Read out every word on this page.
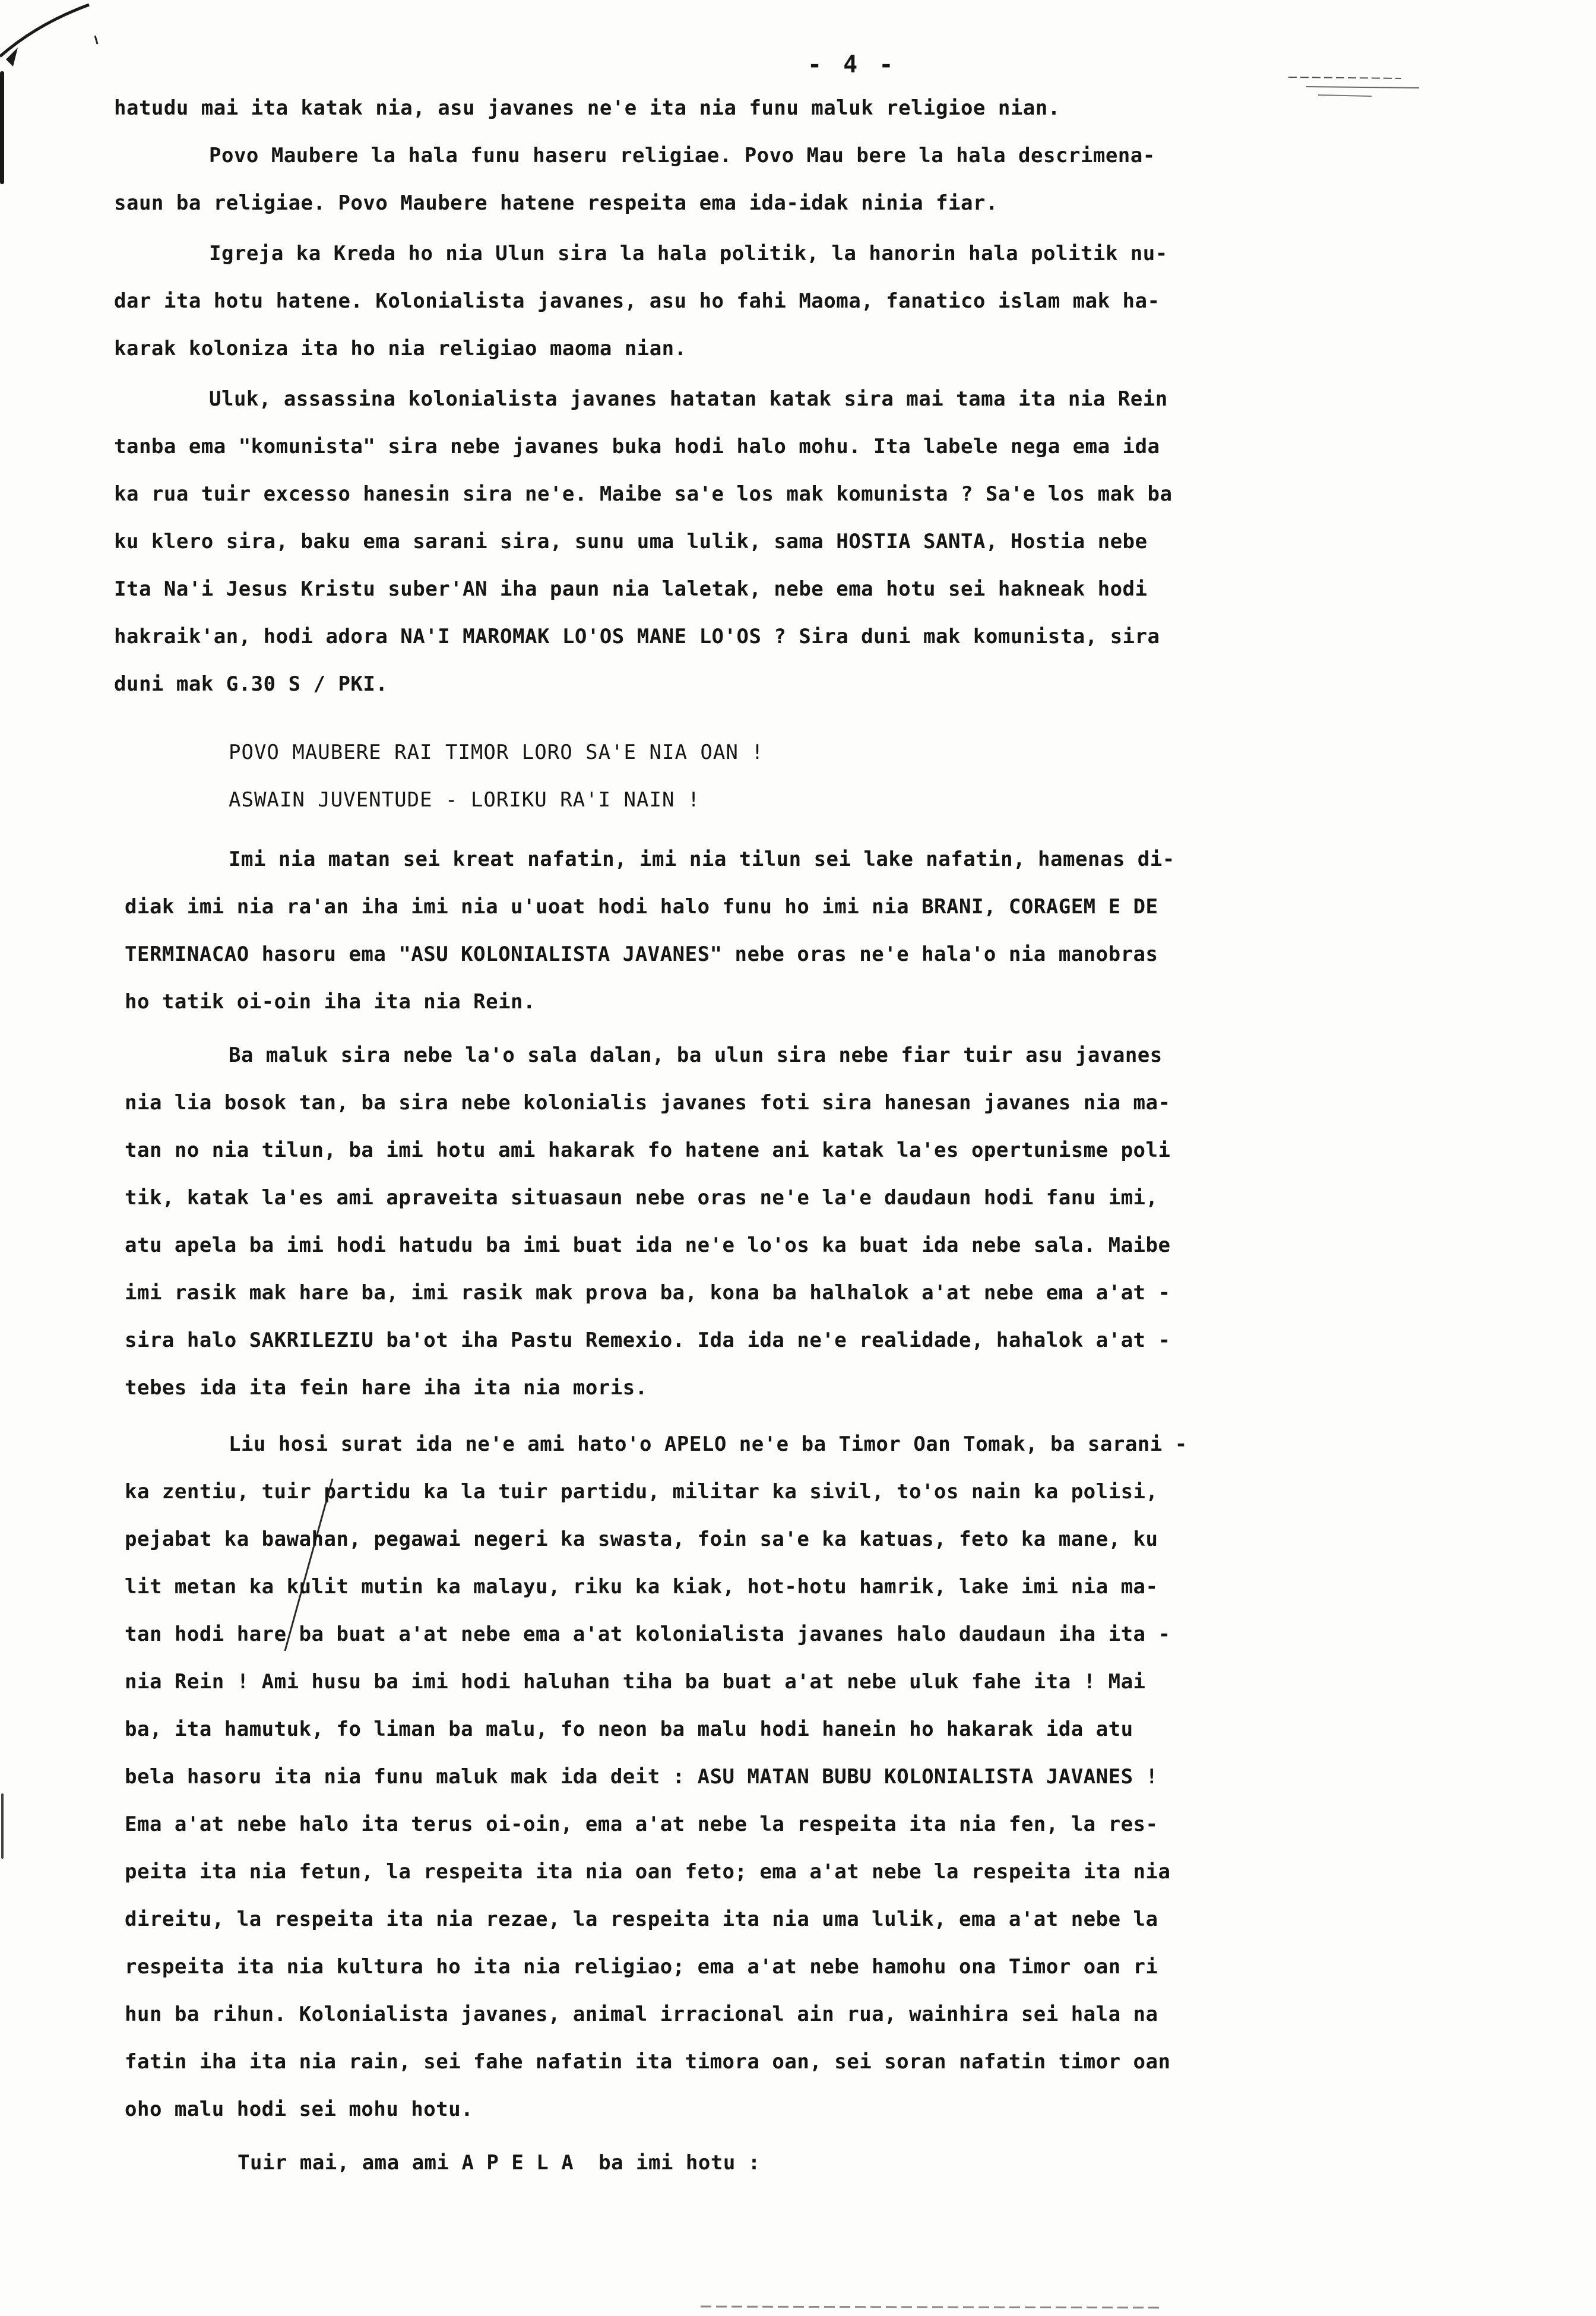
- 4 -
hatudu mai ita katak nia, asu javanes ne'e ita nia funu maluk religioe nian.
Povo Maubere la hala funu haseru religiae. Povo Mau bere la hala descrimena-
saun ba religiae. Povo Maubere hatene respeita ema ida-idak ninia fiar.
Igreja ka Kreda ho nia Ulun sira la hala politik, la hanorin hala politik nu-
dar ita hotu hatene. Kolonialista javanes, asu ho fahi Maoma, fanatico islam mak ha-
karak koloniza ita ho nia religiao maoma nian.
Uluk, assassina kolonialista javanes hatatan katak sira mai tama ita nia Rein
tanba ema "komunista" sira nebe javanes buka hodi halo mohu. Ita labele nega ema ida
ka rua tuir excesso hanesin sira ne'e. Maibe sa'e los mak komunista ? Sa'e los mak ba
ku klero sira, baku ema sarani sira, sunu uma lulik, sama HOSTIA SANTA, Hostia nebe
Ita Na'i Jesus Kristu suber'AN iha paun nia laletak, nebe ema hotu sei hakneak hodi
hakraik'an, hodi adora NA'I MAROMAK LO'OS MANE LO'OS ? Sira duni mak komunista, sira
duni mak G.30 S / PKI.
POVO MAUBERE RAI TIMOR LORO SA'E NIA OAN !
ASWAIN JUVENTUDE - LORIKU RA'I NAIN !
Imi nia matan sei kreat nafatin, imi nia tilun sei lake nafatin, hamenas di-
diak imi nia ra'an iha imi nia u'uoat hodi halo funu ho imi nia BRANI, CORAGEM E DE
TERMINACAO hasoru ema "ASU KOLONIALISTA JAVANES" nebe oras ne'e hala'o nia manobras
ho tatik oi-oin iha ita nia Rein.
Ba maluk sira nebe la'o sala dalan, ba ulun sira nebe fiar tuir asu javanes
nia lia bosok tan, ba sira nebe kolonialis javanes foti sira hanesan javanes nia ma-
tan no nia tilun, ba imi hotu ami hakarak fo hatene ani katak la'es opertunisme poli
tik, katak la'es ami apraveita situasaun nebe oras ne'e la'e daudaun hodi fanu imi,
atu apela ba imi hodi hatudu ba imi buat ida ne'e lo'os ka buat ida nebe sala. Maibe
imi rasik mak hare ba, imi rasik mak prova ba, kona ba halhalok a'at nebe ema a'at -
sira halo SAKRILEZIU ba'ot iha Pastu Remexio. Ida ida ne'e realidade, hahalok a'at -
tebes ida ita fein hare iha ita nia moris.
Liu hosi surat ida ne'e ami hato'o APELO ne'e ba Timor Oan Tomak, ba sarani -
ka zentiu, tuir partidu ka la tuir partidu, militar ka sivil, to'os nain ka polisi,
pejabat ka bawahan, pegawai negeri ka swasta, foin sa'e ka katuas, feto ka mane, ku
lit metan ka kulit mutin ka malayu, riku ka kiak, hot-hotu hamrik, lake imi nia ma-
tan hodi hare ba buat a'at nebe ema a'at kolonialista javanes halo daudaun iha ita -
nia Rein ! Ami husu ba imi hodi haluhan tiha ba buat a'at nebe uluk fahe ita ! Mai
ba, ita hamutuk, fo liman ba malu, fo neon ba malu hodi hanein ho hakarak ida atu
bela hasoru ita nia funu maluk mak ida deit : ASU MATAN BUBU KOLONIALISTA JAVANES !
Ema a'at nebe halo ita terus oi-oin, ema a'at nebe la respeita ita nia fen, la res-
peita ita nia fetun, la respeita ita nia oan feto; ema a'at nebe la respeita ita nia
direitu, la respeita ita nia rezae, la respeita ita nia uma lulik, ema a'at nebe la
respeita ita nia kultura ho ita nia religiao; ema a'at nebe hamohu ona Timor oan ri
hun ba rihun. Kolonialista javanes, animal irracional ain rua, wainhira sei hala na
fatin iha ita nia rain, sei fahe nafatin ita timora oan, sei soran nafatin timor oan
oho malu hodi sei mohu hotu.
Tuir mai, ama ami A P E L A  ba imi hotu :
